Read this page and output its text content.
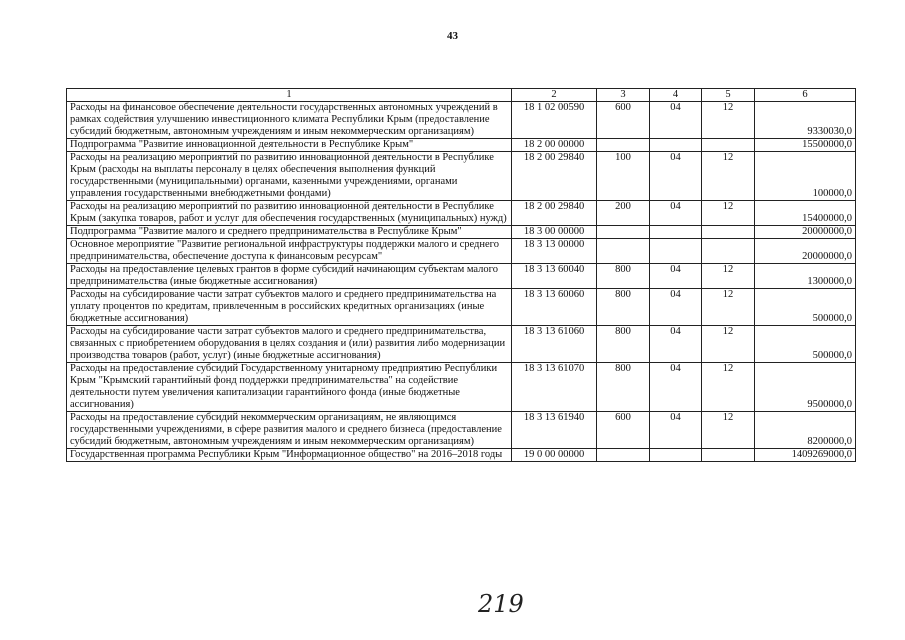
43
1	2	3	4	5	6
Расходы на финансовое обеспечение деятельности государственных автономных учреждений в рамках содействия улучшению инвестиционного климата Республики Крым (предоставление субсидий бюджетным, автономным учреждениям и иным некоммерческим организациям)	18 1 02 00590	600	04	12	9330030,0
Подпрограмма "Развитие инновационной деятельности в Республике Крым"	18 2 00 00000				15500000,0
Расходы на реализацию мероприятий по развитию инновационной деятельности в Республике Крым (расходы на выплаты персоналу в целях обеспечения выполнения функций государственными (муниципальными) органами, казенными учреждениями, органами управления государственными внебюджетными фондами)	18 2 00 29840	100	04	12	100000,0
Расходы на реализацию мероприятий по развитию инновационной деятельности в Республике Крым (закупка товаров, работ и услуг для обеспечения государственных (муниципальных) нужд)	18 2 00 29840	200	04	12	15400000,0
Подпрограмма "Развитие малого и среднего предпринимательства в Республике Крым"	18 3 00 00000				20000000,0
Основное мероприятие "Развитие региональной инфраструктуры поддержки малого и среднего предпринимательства, обеспечение доступа к финансовым ресурсам"	18 3 13 00000				20000000,0
Расходы на предоставление целевых грантов в форме субсидий начинающим субъектам малого предпринимательства (иные бюджетные ассигнования)	18 3 13 60040	800	04	12	1300000,0
Расходы на субсидирование части затрат субъектов малого и среднего предпринимательства на уплату процентов по кредитам, привлеченным в российских кредитных организациях (иные бюджетные ассигнования)	18 3 13 60060	800	04	12	500000,0
Расходы на субсидирование части затрат субъектов малого и среднего предпринимательства, связанных с приобретением оборудования в целях создания и (или) развития либо модернизации производства товаров (работ, услуг) (иные бюджетные ассигнования)	18 3 13 61060	800	04	12	500000,0
Расходы на предоставление субсидий Государственному унитарному предприятию Республики Крым "Крымский гарантийный фонд поддержки предпринимательства" на содействие деятельности путем увеличения капитализации гарантийного фонда (иные бюджетные ассигнования)	18 3 13 61070	800	04	12	9500000,0
Расходы на предоставление субсидий некоммерческим организациям, не являющимся государственными учреждениями, в сфере развития малого и среднего бизнеса (предоставление субсидий бюджетным, автономным учреждениям и иным некоммерческим организациям)	18 3 13 61940	600	04	12	8200000,0
Государственная программа Республики Крым "Информационное общество" на 2016–2018 годы	19 0 00 00000				1409269000,0
219
